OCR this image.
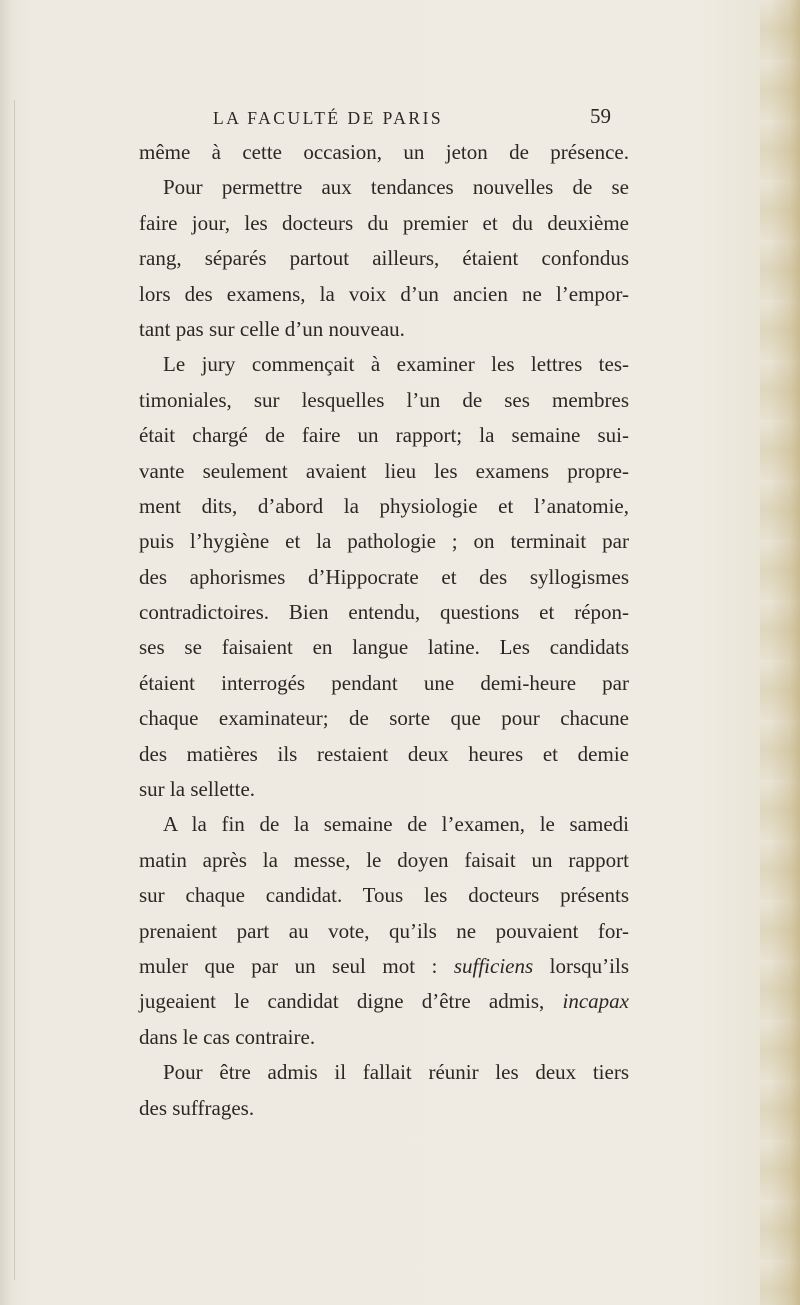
LA FACULTÉ DE PARIS	59
même à cette occasion, un jeton de présence.
Pour permettre aux tendances nouvelles de se
faire jour, les docteurs du premier et du deuxième
rang, séparés partout ailleurs, étaient confondus
lors des examens, la voix d’un ancien ne l’empor-
tant pas sur celle d’un nouveau.
Le jury commençait à examiner les lettres tes-
timoniales, sur lesquelles l’un de ses membres
était chargé de faire un rapport; la semaine sui-
vante seulement avaient lieu les examens propre-
ment dits, d’abord la physiologie et l’anatomie,
puis l’hygiène et la pathologie ; on terminait par
des aphorismes d’Hippocrate et des syllogismes
contradictoires. Bien entendu, questions et répon-
ses se faisaient en langue latine. Les candidats
étaient interrogés pendant une demi-heure par
chaque examinateur; de sorte que pour chacune
des matières ils restaient deux heures et demie
sur la sellette.
A la fin de la semaine de l’examen, le samedi
matin après la messe, le doyen faisait un rapport
sur chaque candidat. Tous les docteurs présents
prenaient part au vote, qu’ils ne pouvaient for-
muler que par un seul mot : sufficiens lorsqu’ils
jugeaient le candidat digne d’être admis, incapax
dans le cas contraire.
Pour être admis il fallait réunir les deux tiers
des suffrages.
